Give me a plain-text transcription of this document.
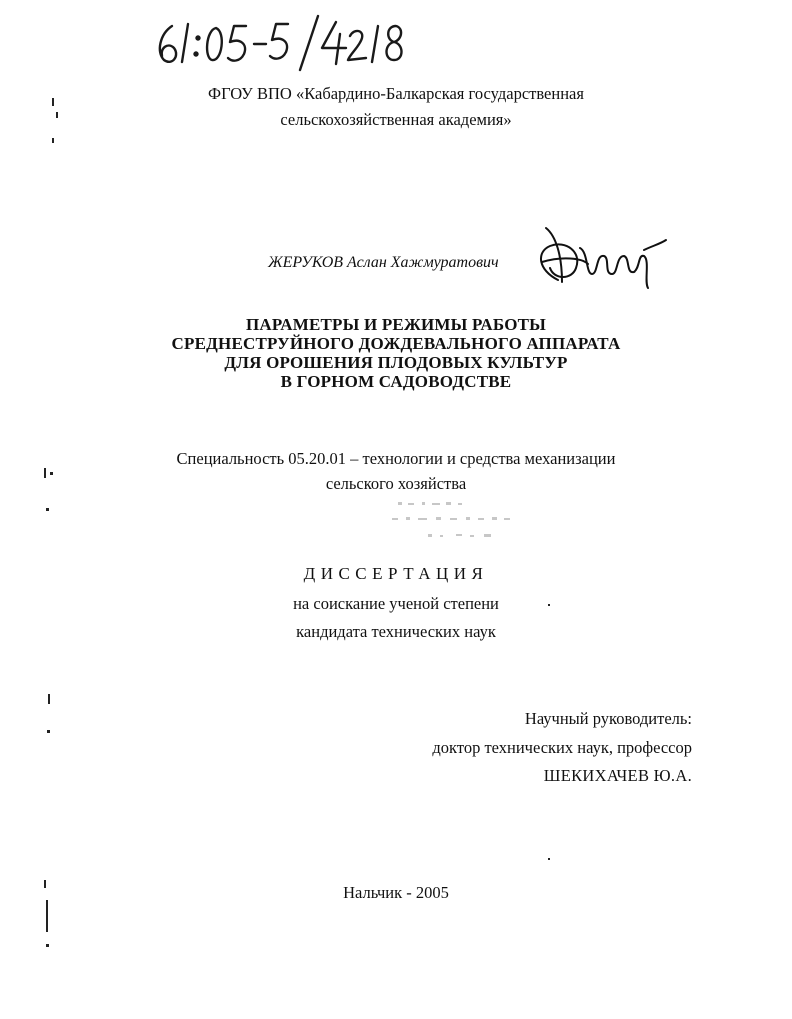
ФГОУ ВПО «Кабардино-Балкарская государственная
сельскохозяйственная академия»
ЖЕРУКОВ Аслан Хажмуратович
ПАРАМЕТРЫ И РЕЖИМЫ РАБОТЫ
СРЕДНЕСТРУЙНОГО ДОЖДЕВАЛЬНОГО АППАРАТА
ДЛЯ ОРОШЕНИЯ ПЛОДОВЫХ КУЛЬТУР
В ГОРНОМ САДОВОДСТВЕ
Специальность 05.20.01 – технологии и средства механизации
сельского хозяйства
ДИССЕРТАЦИЯ
на соискание ученой степени
кандидата технических наук
Научный руководитель:
доктор технических наук, профессор
ШЕКИХАЧЕВ Ю.А.
Нальчик - 2005
